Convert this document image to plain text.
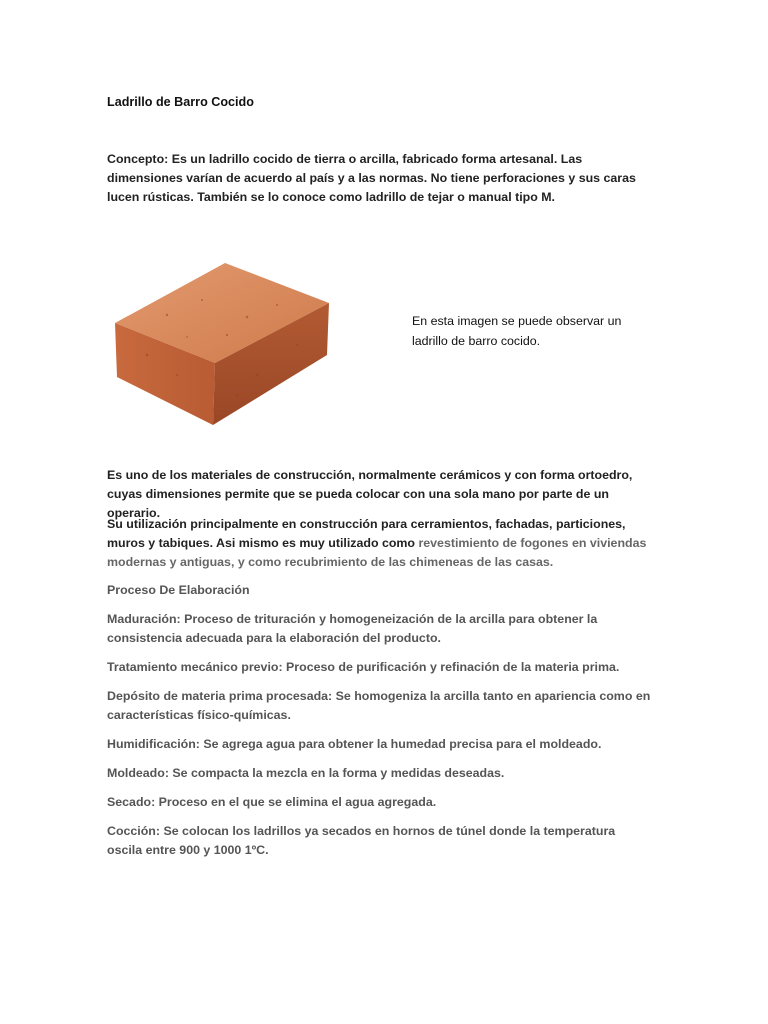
Ladrillo de Barro Cocido

Concepto: Es un ladrillo cocido de tierra o arcilla, fabricado forma artesanal. Las dimensiones varían de acuerdo al país y a las normas. No tiene perforaciones y sus caras lucen rústicas. También se lo conoce como ladrillo de tejar o manual tipo M.

En esta imagen se puede observar un ladrillo de barro cocido.

Es uno de los materiales de construcción, normalmente cerámicos y con forma ortoedro, cuyas dimensiones permite que se pueda colocar con una sola mano por parte de un operario.

Su utilización principalmente en construcción para cerramientos, fachadas, particiones, muros y tabiques. Asi mismo es muy utilizado como revestimiento de fogones en viviendas modernas y antiguas, y como recubrimiento de las chimeneas de las casas.

Proceso De Elaboración

Maduración: Proceso de trituración y homogeneización de la arcilla para obtener la consistencia adecuada para la elaboración del producto.

Tratamiento mecánico previo: Proceso de purificación y refinación de la materia prima.

Depósito de materia prima procesada: Se homogeniza la arcilla tanto en apariencia como en características físico-químicas.

Humidificación: Se agrega agua para obtener la humedad precisa para el moldeado.

Moldeado: Se compacta la mezcla en la forma y medidas deseadas.

Secado: Proceso en el que se elimina el agua agregada.

Cocción: Se colocan los ladrillos ya secados en hornos de túnel donde la temperatura oscila entre 900 y 1000 1ºC.
